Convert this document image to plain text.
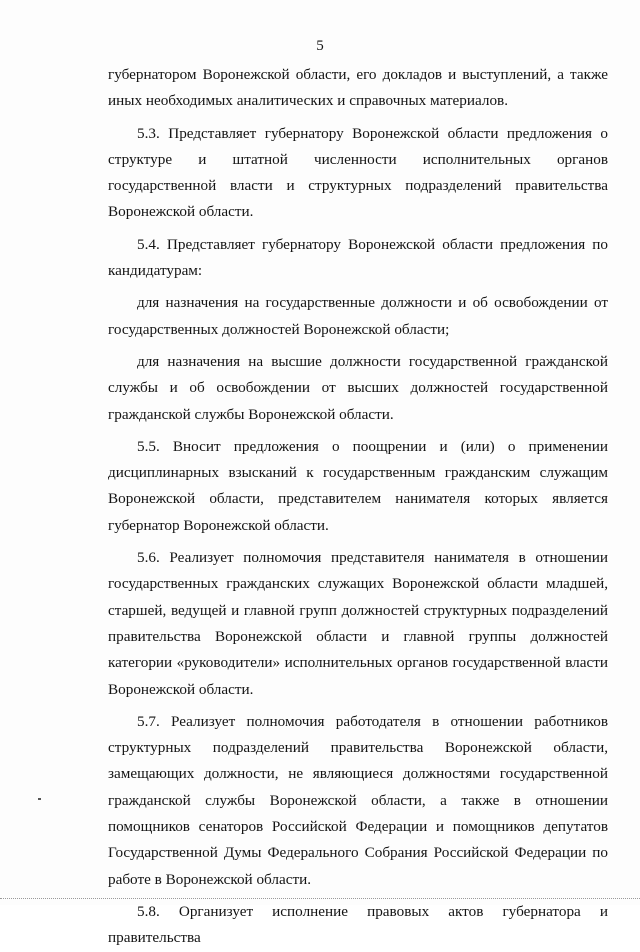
5

губернатором Воронежской области, его докладов и выступлений, а также иных необходимых аналитических и справочных материалов.

5.3. Представляет губернатору Воронежской области предложения о структуре и штатной численности исполнительных органов государственной власти и структурных подразделений правительства Воронежской области.

5.4. Представляет губернатору Воронежской области предложения по кандидатурам:

для назначения на государственные должности и об освобождении от государственных должностей Воронежской области;

для назначения на высшие должности государственной гражданской службы и об освобождении от высших должностей государственной гражданской службы Воронежской области.

5.5. Вносит предложения о поощрении и (или) о применении дисциплинарных взысканий к государственным гражданским служащим Воронежской области, представителем нанимателя которых является губернатор Воронежской области.

5.6. Реализует полномочия представителя нанимателя в отношении государственных гражданских служащих Воронежской области младшей, старшей, ведущей и главной групп должностей структурных подразделений правительства Воронежской области и главной группы должностей категории «руководители» исполнительных органов государственной власти Воронежской области.

5.7. Реализует полномочия работодателя в отношении работников структурных подразделений правительства Воронежской области, замещающих должности, не являющиеся должностями государственной гражданской службы Воронежской области, а также в отношении помощников сенаторов Российской Федерации и помощников депутатов Государственной Думы Федерального Собрания Российской Федерации по работе в Воронежской области.

5.8. Организует исполнение правовых актов губернатора и правительства
